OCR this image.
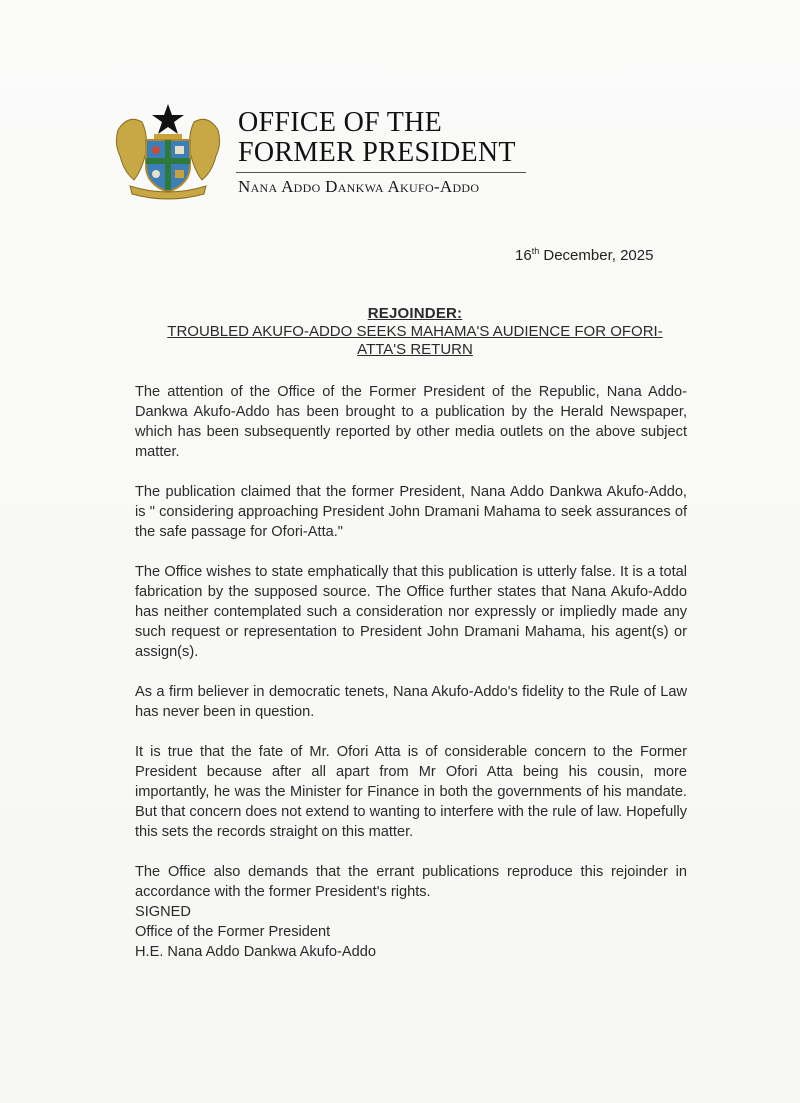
OFFICE OF THE
FORMER PRESIDENT
Nana Addo Dankwa Akufo-Addo
16th December, 2025
REJOINDER:
TROUBLED AKUFO-ADDO SEEKS MAHAMA'S AUDIENCE FOR OFORI-ATTA'S RETURN

The attention of the Office of the Former President of the Republic, Nana Addo-Dankwa Akufo-Addo has been brought to a publication by the Herald Newspaper, which has been subsequently reported by other media outlets on the above subject matter.

The publication claimed that the former President, Nana Addo Dankwa Akufo-Addo, is " considering approaching President John Dramani Mahama to seek assurances of the safe passage for Ofori-Atta."

The Office wishes to state emphatically that this publication is utterly false. It is a total fabrication by the supposed source. The Office further states that Nana Akufo-Addo has neither contemplated such a consideration nor expressly or impliedly made any such request or representation to President John Dramani Mahama, his agent(s) or assign(s).

As a firm believer in democratic tenets, Nana Akufo-Addo's fidelity to the Rule of Law has never been in question.

It is true that the fate of Mr. Ofori Atta is of considerable concern to the Former President because after all apart from Mr Ofori Atta being his cousin, more importantly, he was the Minister for Finance in both the governments of his mandate. But that concern does not extend to wanting to interfere with the rule of law. Hopefully this sets the records straight on this matter.

The Office also demands that the errant publications reproduce this rejoinder in accordance with the former President's rights.

SIGNED
Office of the Former President
H.E. Nana Addo Dankwa Akufo-Addo
